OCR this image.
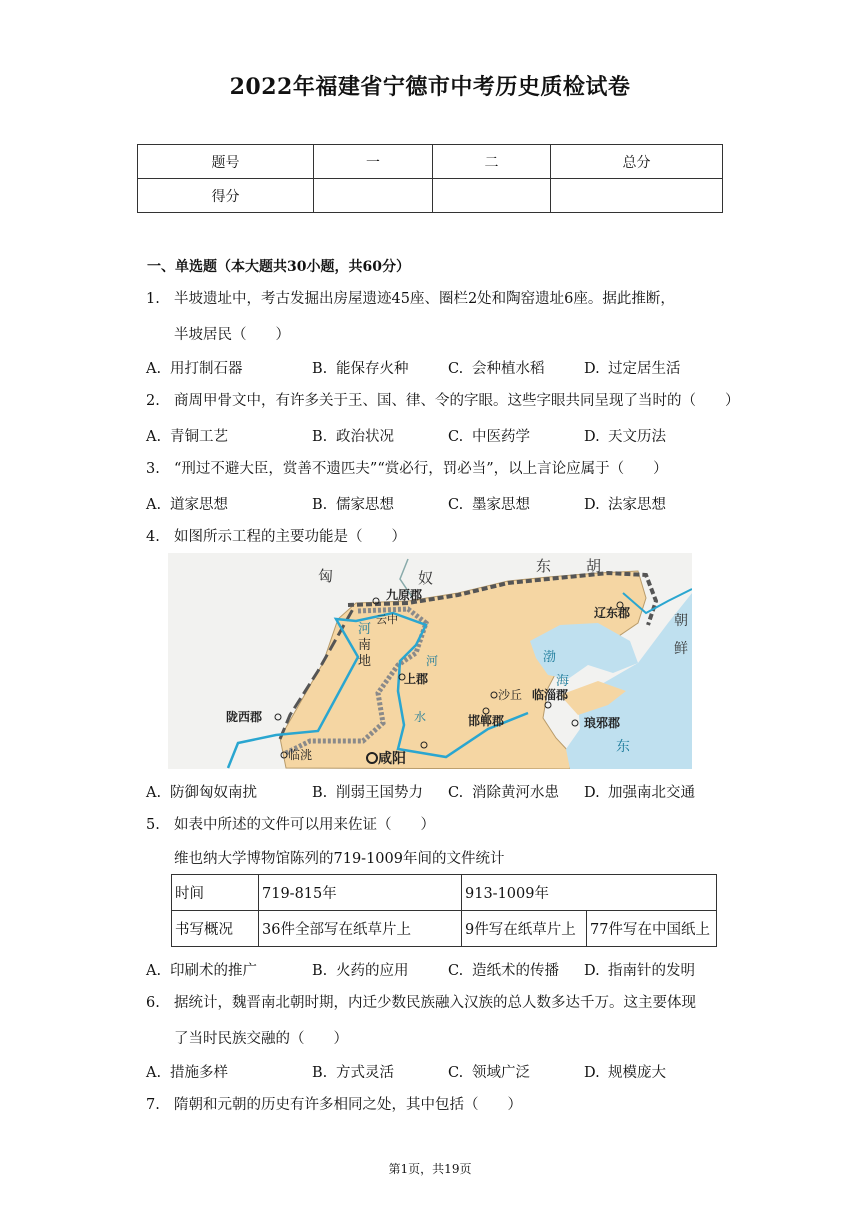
2022年福建省宁德市中考历史质检试卷
题号	一	二	总分
得分			
一、单选题（本大题共30小题，共60分）
1. 半坡遗址中，考古发掘出房屋遗迹45座、圈栏2处和陶窑遗址6座。据此推断，
半坡居民（　　）
A. 用打制石器	B. 能保存火种	C. 会种植水稻	D. 过定居生活
2. 商周甲骨文中，有许多关于王、国、律、令的字眼。这些字眼共同呈现了当时的（　　）
A. 青铜工艺	B. 政治状况	C. 中医药学	D. 天文历法
3. “刑过不避大臣，赏善不遗匹夫”“赏必行，罚必当”，以上言论应属于（　　）
A. 道家思想	B. 儒家思想	C. 墨家思想	D. 法家思想
4. 如图所示工程的主要功能是（　　）
匈	奴
东 胡
九原郡
云中
河
南
地
辽东郡	朝
鲜
渤
海
上郡
河
水
沙丘 临淄郡
邯郸郡	琅邪郡
陇西郡
临洮	咸阳
东
A. 防御匈奴南扰	B. 削弱王国势力 C. 消除黄河水患 D. 加强南北交通
5. 如表中所述的文件可以用来佐证（　　）
维也纳大学博物馆陈列的719-1009年间的文件统计
时间	719-815年	913-1009年	
书写概况	36件全部写在纸草片上	9件写在纸草片上	77件写在中国纸上
A. 印刷术的推广	B. 火药的应用	C. 造纸术的传播 D. 指南针的发明
6. 据统计，魏晋南北朝时期，内迁少数民族融入汉族的总人数多达千万。这主要体现
了当时民族交融的（　　）
A. 措施多样	B. 方式灵活	C. 领域广泛	D. 规模庞大
7. 隋朝和元朝的历史有许多相同之处，其中包括（　　）
第1页，共19页
